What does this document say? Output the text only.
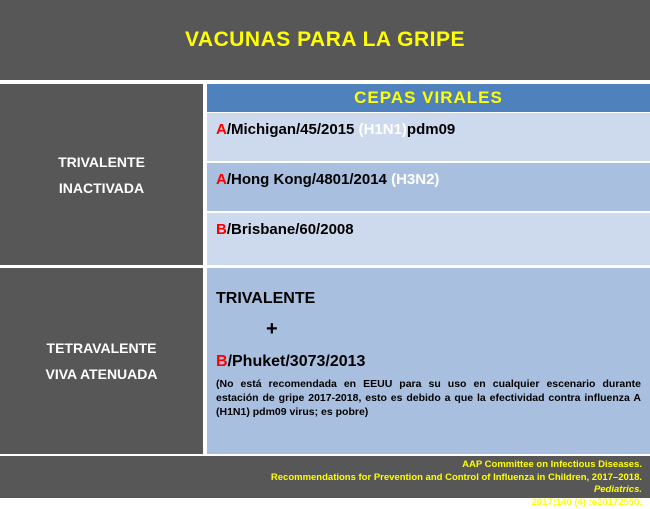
VACUNAS PARA LA GRIPE
TRIVALENTE
INACTIVADA
CEPAS VIRALES
A/Michigan/45/2015 (H1N1)pdm09
A/Hong Kong/4801/2014 (H3N2)
B/Brisbane/60/2008
TETRAVALENTE
VIVA ATENUADA
TRIVALENTE
+
B/Phuket/3073/2013
(No está recomendada en EEUU para su uso en cualquier escenario durante estación de gripe 2017-2018, esto es debido a que la efectividad contra influenza A (H1N1) pdm09 virus; es pobre)
AAP Committee on Infectious Diseases.
Recommendations for Prevention and Control of Influenza in Children, 2017–2018.
Pediatrics.
2017;140 (4) :e20172550.
